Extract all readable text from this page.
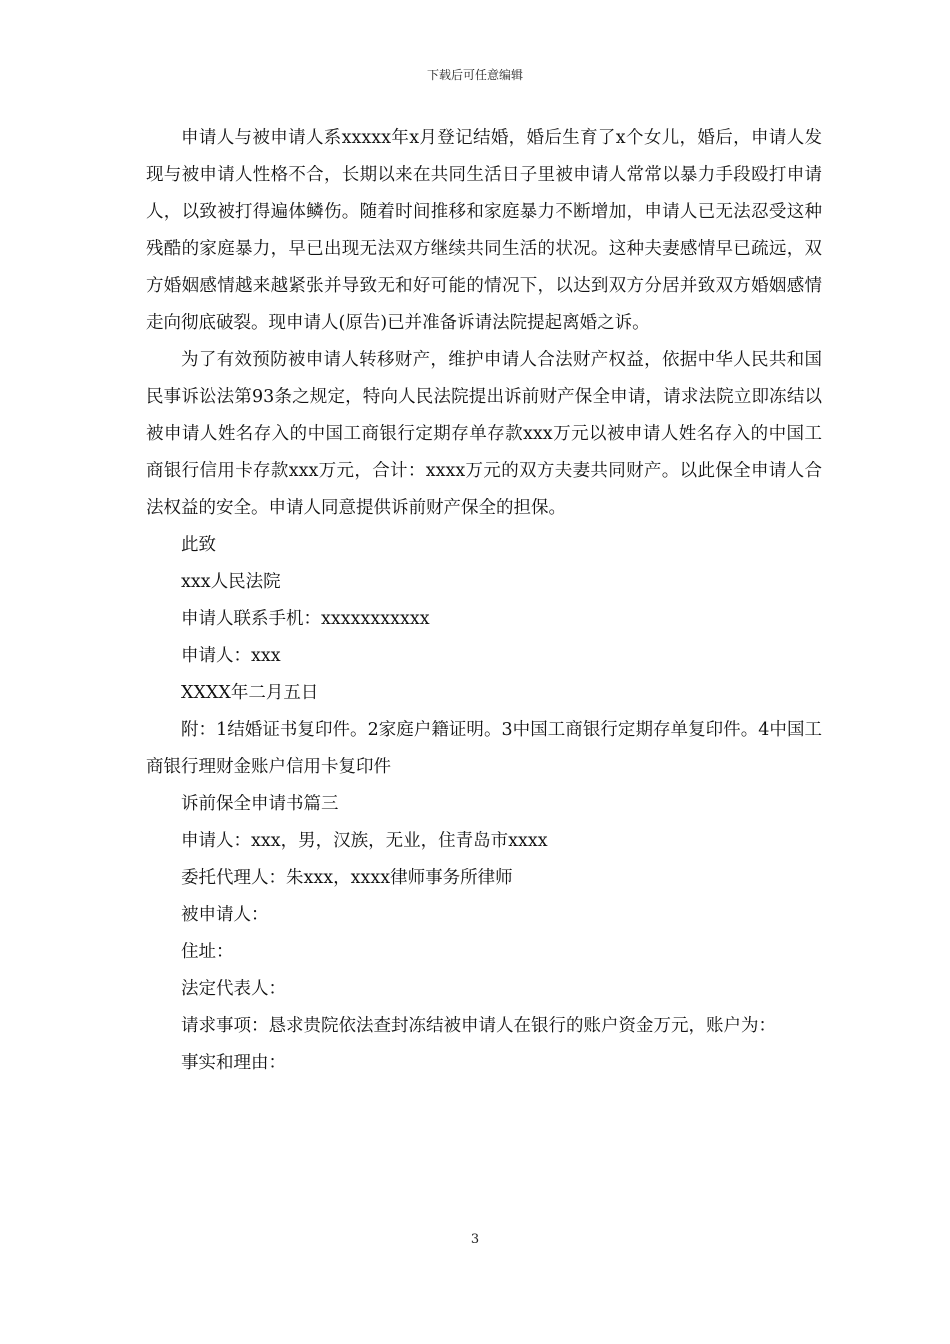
下载后可任意编辑

申请人与被申请人系xxxxx年x月登记结婚，婚后生育了x个女儿，婚后，申请人发现与被申请人性格不合，长期以来在共同生活日子里被申请人常常以暴力手段殴打申请人，以致被打得遍体鳞伤。随着时间推移和家庭暴力不断增加，申请人已无法忍受这种残酷的家庭暴力，早已出现无法双方继续共同生活的状况。这种夫妻感情早已疏远，双方婚姻感情越来越紧张并导致无和好可能的情况下，以达到双方分居并致双方婚姻感情走向彻底破裂。现申请人(原告)已并准备诉请法院提起离婚之诉。

为了有效预防被申请人转移财产，维护申请人合法财产权益，依据中华人民共和国民事诉讼法第93条之规定，特向人民法院提出诉前财产保全申请，请求法院立即冻结以被申请人姓名存入的中国工商银行定期存单存款xxx万元以被申请人姓名存入的中国工商银行信用卡存款xxx万元，合计：xxxx万元的双方夫妻共同财产。以此保全申请人合法权益的安全。申请人同意提供诉前财产保全的担保。

此致

xxx人民法院

申请人联系手机：xxxxxxxxxxx

申请人：xxx

XXXX年二月五日

附：1结婚证书复印件。2家庭户籍证明。3中国工商银行定期存单复印件。4中国工商银行理财金账户信用卡复印件

诉前保全申请书篇三

申请人：xxx，男，汉族，无业，住青岛市xxxx

委托代理人：朱xxx，xxxx律师事务所律师

被申请人：

住址：

法定代表人：

请求事项：恳求贵院依法查封冻结被申请人在银行的账户资金万元，账户为：

事实和理由：

3
